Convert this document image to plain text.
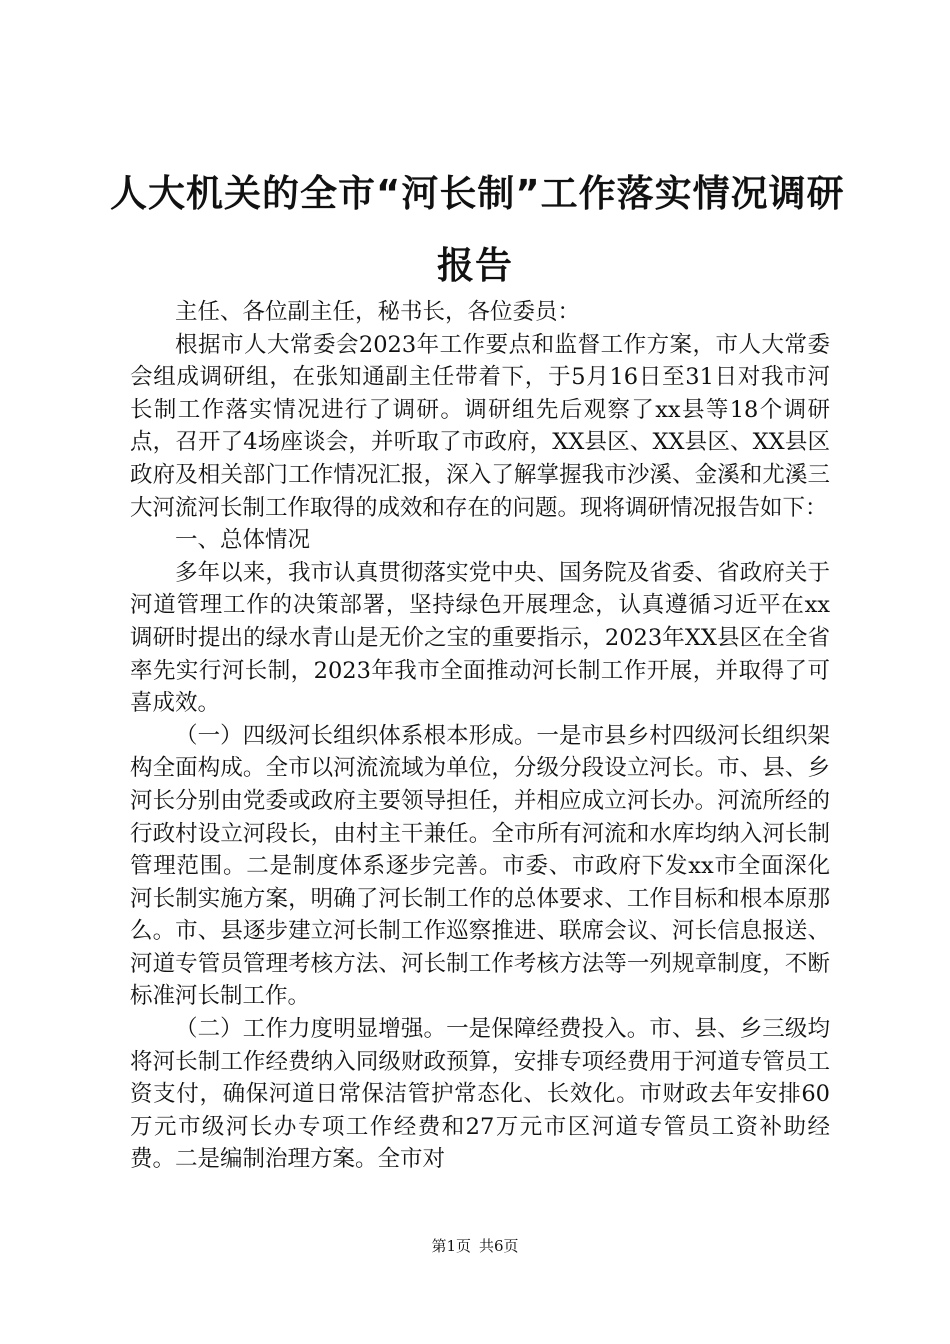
人大机关的全市“河长制”工作落实情况调研
报告

主任、各位副主任，秘书长，各位委员：

根据市人大常委会2023年工作要点和监督工作方案，市人大常委会组成调研组，在张知通副主任带着下，于5月16日至31日对我市河长制工作落实情况进行了调研。调研组先后观察了xx县等18个调研点，召开了4场座谈会，并听取了市政府，XX县区、XX县区、XX县区政府及相关部门工作情况汇报，深入了解掌握我市沙溪、金溪和尤溪三大河流河长制工作取得的成效和存在的问题。现将调研情况报告如下：

一、总体情况

多年以来，我市认真贯彻落实党中央、国务院及省委、省政府关于河道管理工作的决策部署，坚持绿色开展理念，认真遵循习近平在xx调研时提出的绿水青山是无价之宝的重要指示，2023年XX县区在全省率先实行河长制，2023年我市全面推动河长制工作开展，并取得了可喜成效。

（一）四级河长组织体系根本形成。一是市县乡村四级河长组织架构全面构成。全市以河流流域为单位，分级分段设立河长。市、县、乡河长分别由党委或政府主要领导担任，并相应成立河长办。河流所经的行政村设立河段长，由村主干兼任。全市所有河流和水库均纳入河长制管理范围。二是制度体系逐步完善。市委、市政府下发xx市全面深化河长制实施方案，明确了河长制工作的总体要求、工作目标和根本原那么。市、县逐步建立河长制工作巡察推进、联席会议、河长信息报送、河道专管员管理考核方法、河长制工作考核方法等一列规章制度，不断标准河长制工作。

（二）工作力度明显增强。一是保障经费投入。市、县、乡三级均将河长制工作经费纳入同级财政预算，安排专项经费用于河道专管员工资支付，确保河道日常保洁管护常态化、长效化。市财政去年安排60万元市级河长办专项工作经费和27万元市区河道专管员工资补助经费。二是编制治理方案。全市对

第1页 共6页
